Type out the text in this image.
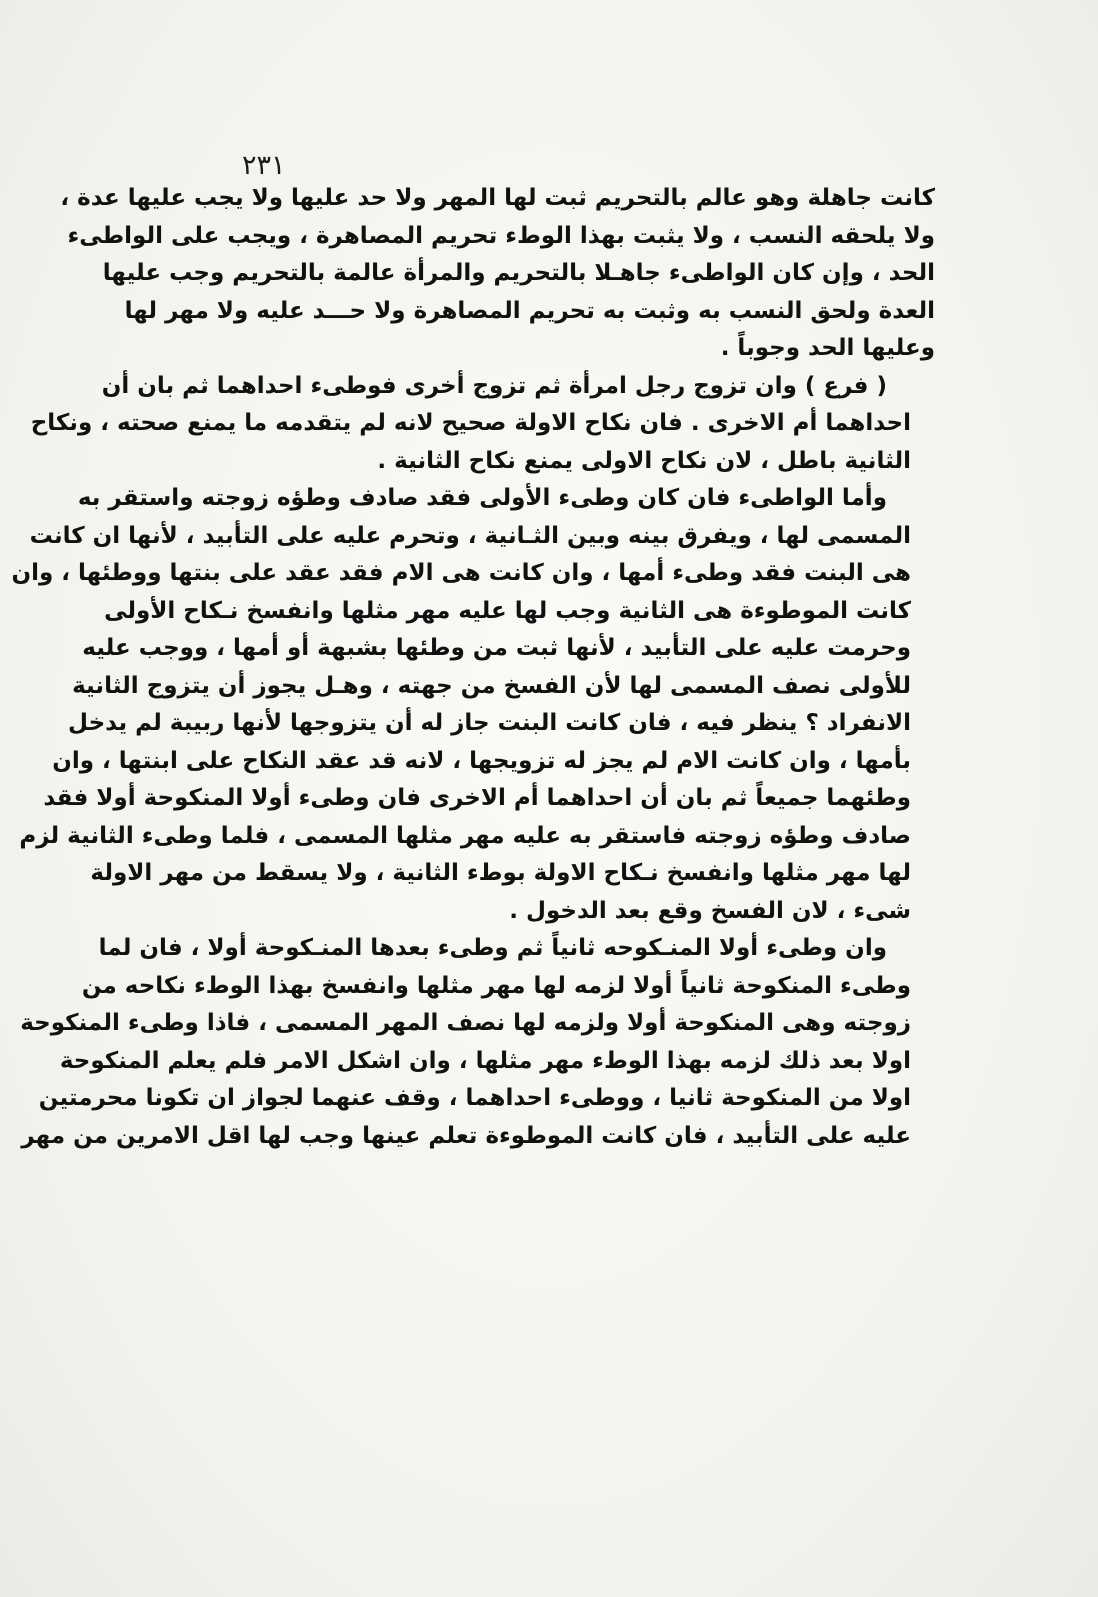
٢٣١

كانت جاهلة وهو عالم بالتحريم ثبت لها المهر ولا حد عليها ولا يجب عليها عدة ،
ولا يلحقه النسب ، ولا يثبت بهذا الوطء تحريم المصاهرة ، ويجب على الواطىء
الحد ، وإن كان الواطىء جاهـلا بالتحريم والمرأة عالمة بالتحريم وجب عليها
العدة ولحق النسب به وثبت به تحريم المصاهرة ولا حـــد عليه ولا مهر لها
وعليها الحد وجوباً .
( فرع ) وان تزوج رجل امرأة ثم تزوج أخرى فوطىء احداهما ثم بان أن
احداهما أم الاخرى . فان نكاح الاولة صحيح لانه لم يتقدمه ما يمنع صحته ، ونكاح
الثانية باطل ، لان نكاح الاولى يمنع نكاح الثانية .
وأما الواطىء فان كان وطىء الأولى فقد صادف وطؤه زوجته واستقر به
المسمى لها ، ويفرق بينه وبين الثـانية ، وتحرم عليه على التأبيد ، لأنها ان كانت
هى البنت فقد وطىء أمها ، وان كانت هى الام فقد عقد على بنتها ووطئها ، وان
كانت الموطوءة هى الثانية وجب لها عليه مهر مثلها وانفسخ نـكاح الأولى
وحرمت عليه على التأبيد ، لأنها ثبت من وطئها بشبهة أو أمها ، ووجب عليه
للأولى نصف المسمى لها لأن الفسخ من جهته ، وهـل يجوز أن يتزوج الثانية
الانفراد ؟ ينظر فيه ، فان كانت البنت جاز له أن يتزوجها لأنها ربيبة لم يدخل
بأمها ، وان كانت الام لم يجز له تزويجها ، لانه قد عقد النكاح على ابنتها ، وان
وطئهما جميعاً ثم بان أن احداهما أم الاخرى فان وطىء أولا المنكوحة أولا فقد
صادف وطؤه زوجته فاستقر به عليه مهر مثلها المسمى ، فلما وطىء الثانية لزم
لها مهر مثلها وانفسخ نـكاح الاولة بوطء الثانية ، ولا يسقط من مهر الاولة
شىء ، لان الفسخ وقع بعد الدخول .
وان وطىء أولا المنـكوحه ثانياً ثم وطىء بعدها المنـكوحة أولا ، فان لما
وطىء المنكوحة ثانياً أولا لزمه لها مهر مثلها وانفسخ بهذا الوطء نكاحه من
زوجته وهى المنكوحة أولا ولزمه لها نصف المهر المسمى ، فاذا وطىء المنكوحة
اولا بعد ذلك لزمه بهذا الوطء مهر مثلها ، وان اشكل الامر فلم يعلم المنكوحة
اولا من المنكوحة ثانيا ، ووطىء احداهما ، وقف عنهما لجواز ان تكونا محرمتين
عليه على التأبيد ، فان كانت الموطوءة تعلم عينها وجب لها اقل الامرين من مهر
